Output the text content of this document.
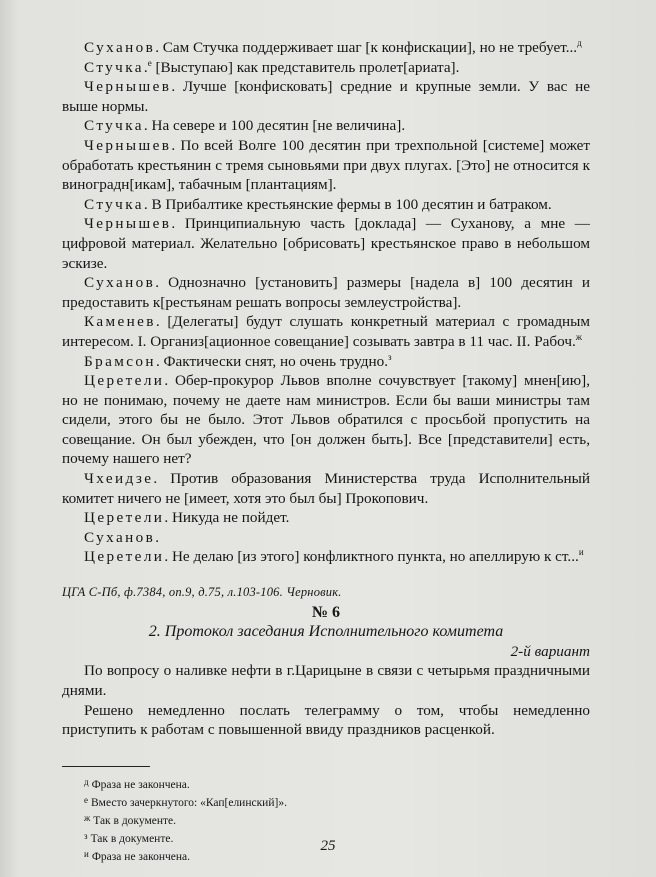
Суханов. Сам Стучка поддерживает шаг [к конфискации], но не требует...$^д$

Стучка.$^е$ [Выступаю] как представитель пролет[ариата].

Чернышев. Лучше [конфисковать] средние и крупные земли. У вас не выше нормы.

Стучка. На севере и 100 десятин [не величина].

Чернышев. По всей Волге 100 десятин при трехпольной [системе] может обработать крестьянин с тремя сыновьями при двух плугах. [Это] не относится к виноградн[икам], табачным [плантациям].

Стучка. В Прибалтике крестьянские фермы в 100 десятин и батраком.

Чернышев. Принципиальную часть [доклада] — Суханову, а мне — цифровой материал. Желательно [обрисовать] крестьянское право в небольшом эскизе.

Суханов. Однозначно [установить] размеры [надела в] 100 десятин и предоставить к[рестьянам решать вопросы землеустройства].

Каменев. [Делегаты] будут слушать конкретный материал с громадным интересом. I. Организ[ационное совещание] созывать завтра в 11 час. II. Рабоч.$^ж$

Брамсон. Фактически снят, но очень трудно.$^з$

Церетели. Обер-прокурор Львов вполне сочувствует [такому] мнен[ию], но не понимаю, почему не даете нам министров. Если бы ваши министры там сидели, этого бы не было. Этот Львов обратился с просьбой пропустить на совещание. Он был убежден, что [он должен быть]. Все [представители] есть, почему нашего нет?

Чхеидзе. Против образования Министерства труда Исполнительный комитет ничего не [имеет, хотя это был бы] Прокопович.

Церетели. Никуда не пойдет.

Суханов.

Церетели. Не делаю [из этого] конфликтного пункта, но апеллирую к ст...$^и$

ЦГА С-Пб, ф.7384, оп.9, д.75, л.103-106. Черновик.

№ 6

2. Протокол заседания Исполнительного комитета

2-й вариант

По вопросу о наливке нефти в г.Царицыне в связи с четырьмя праздничными днями.

Решено немедленно послать телеграмму о том, чтобы немедленно приступить к работам с повышенной ввиду праздников расценкой.

$^д$ Фраза не закончена.
$^е$ Вместо зачеркнутого: «Кап[елинский]».
$^ж$ Так в документе.
$^з$ Так в документе.
$^и$ Фраза не закончена.
25
